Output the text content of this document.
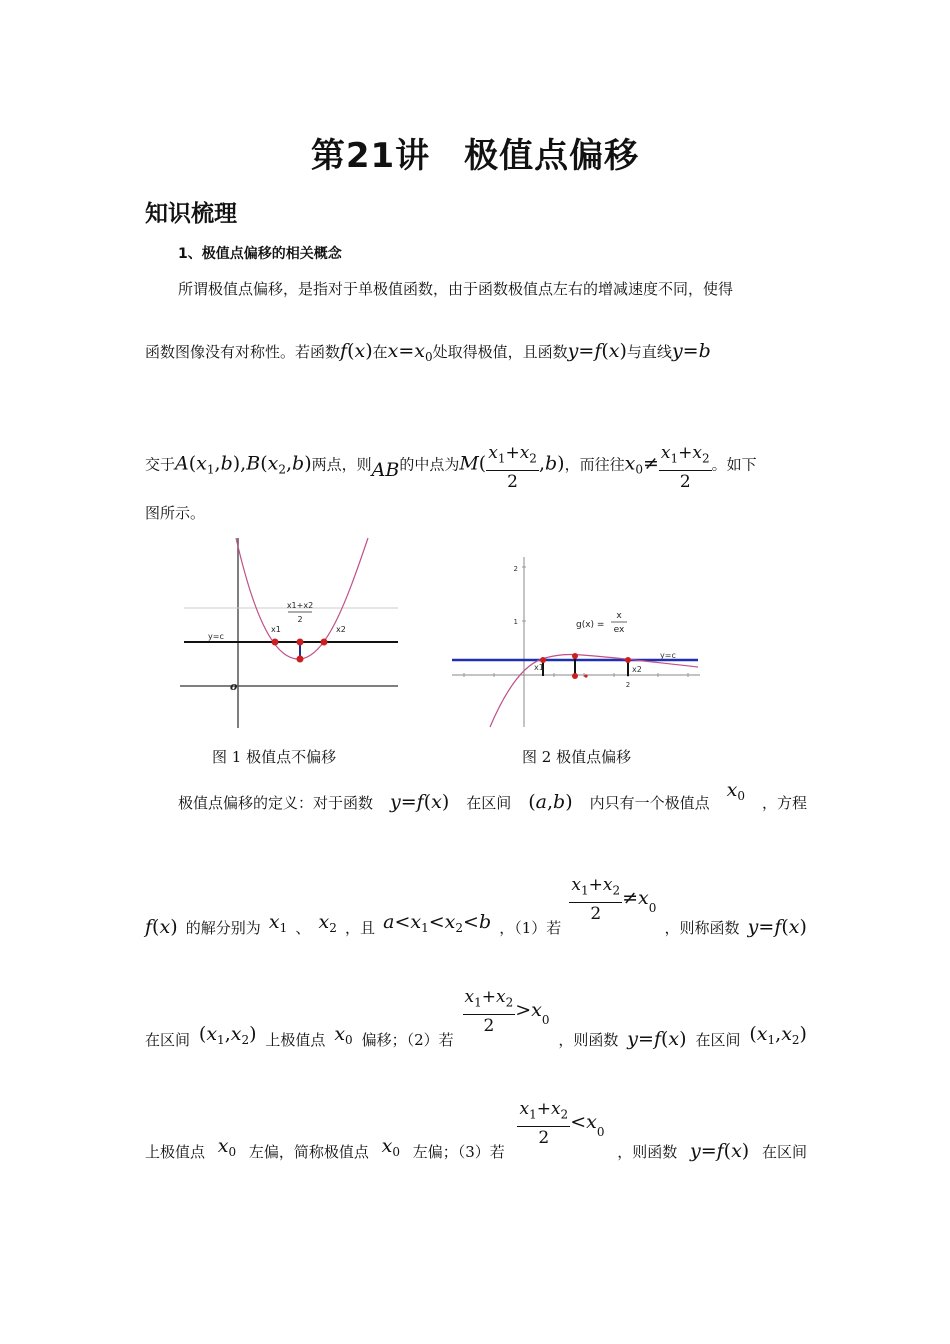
第21讲 极值点偏移
知识梳理
1、极值点偏移的相关概念
所谓极值点偏移，是指对于单极值函数，由于函数极值点左右的增减速度不同，使得
函数图像没有对称性。若函数f(x)在$x=x_0$处取得极值，且函数y=f(x)与直线y=b
交于$A(x_1,b),B(x_2,b)$两点，则AB的中点为$M( \frac{x_1+x_2}{2} ,b)$，而往往$x_0\ne \frac{x_1+x_2}{2}$ 。如下
图所示。
y=c
o
x1	x2
x1+x2
2
2
1
2
y=c
x1	x2
g(x) =
x
ex
图 1 极值点不偏移	图 2 极值点偏移
极值点偏移的定义：对于函数 y=f(x) 在区间 (a,b) 内只有一个极值点
$x_0$ ，方程
f(x) 的解分别为 $x_1$ 、 $x_2$ ，且 $a<x_1<x_2<b$ ，（1）若
$\frac{x_1+x_2}{2} \ne x_0$
，则称函数 y=f(x)
在区间 $(x_1,x_2)$ 上极值点 $x_0$ 偏移；（2）若
$\frac{x_1+x_2}{2} >x_0$
，则函数 y=f(x) 在区间 $(x_1,x_2)$
上极值点 $x_0$ 左偏，简称极值点 $x_0$ 左偏；（3）若
$\frac{x_1+x_2}{2} <x_0$
，则函数 y=f(x) 在区间
